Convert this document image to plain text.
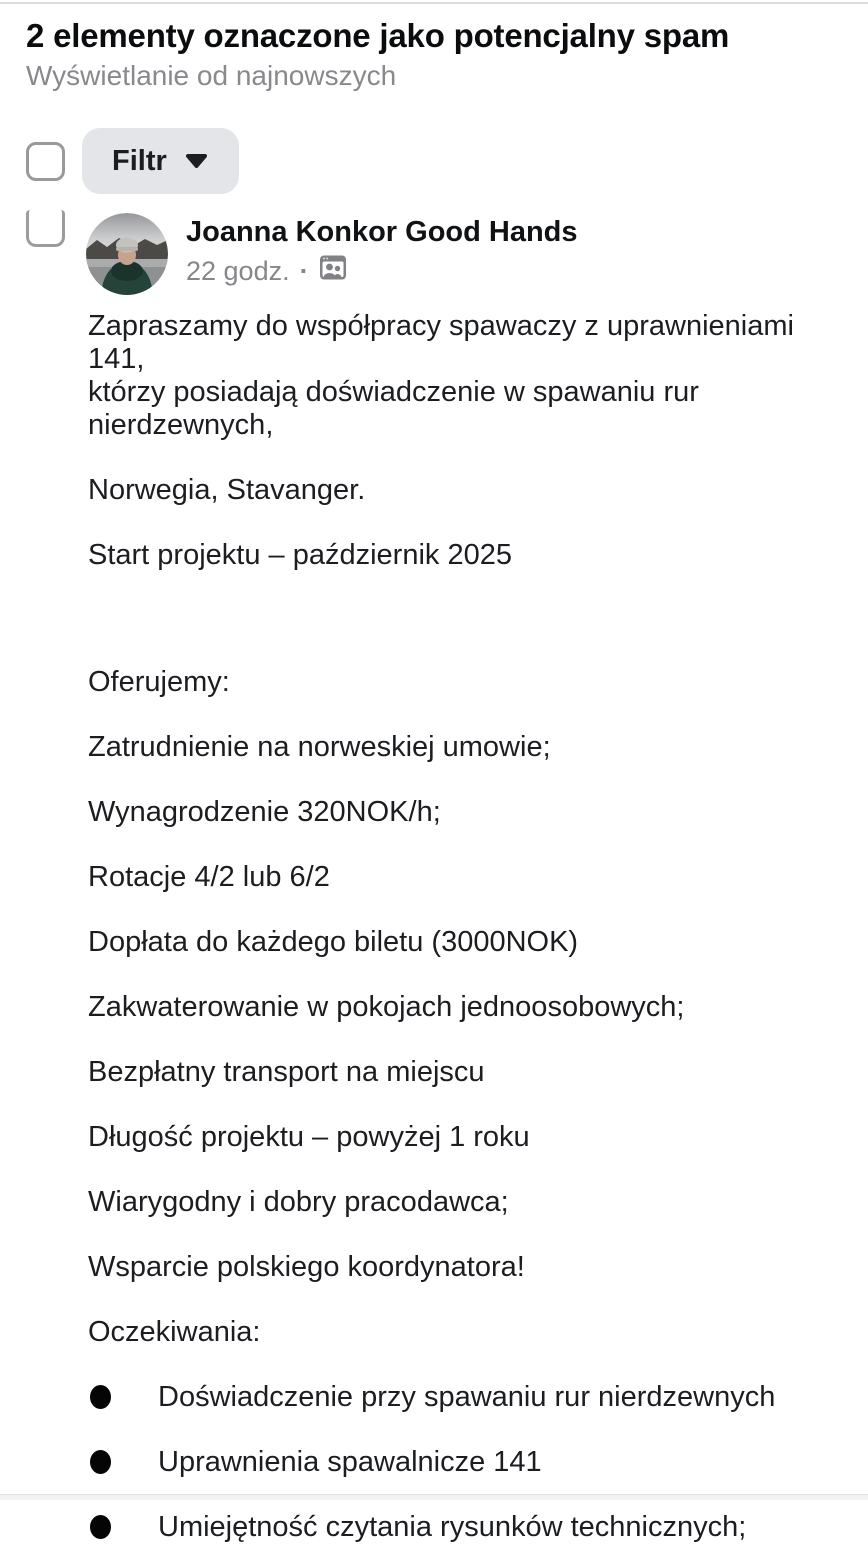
2 elementy oznaczone jako potencjalny spam
Wyświetlanie od najnowszych
Filtr
Joanna Konkor Good Hands
22 godz. ·

Zapraszamy do współpracy spawaczy z uprawnieniami 141,

którzy posiadają doświadczenie w spawaniu rur

nierdzewnych,

Norwegia, Stavanger.

Start projektu – październik 2025

Oferujemy:

Zatrudnienie na norweskiej umowie;

Wynagrodzenie 320NOK/h;

Rotacje 4/2 lub 6/2

Dopłata do każdego biletu (3000NOK)

Zakwaterowanie w pokojach jednoosobowych;

Bezpłatny transport na miejscu

Długość projektu – powyżej 1 roku

Wiarygodny i dobry pracodawca;

Wsparcie polskiego koordynatora!

Oczekiwania:

Doświadczenie przy spawaniu rur nierdzewnych
Uprawnienia spawalnicze 141
Umiejętność czytania rysunków technicznych;
